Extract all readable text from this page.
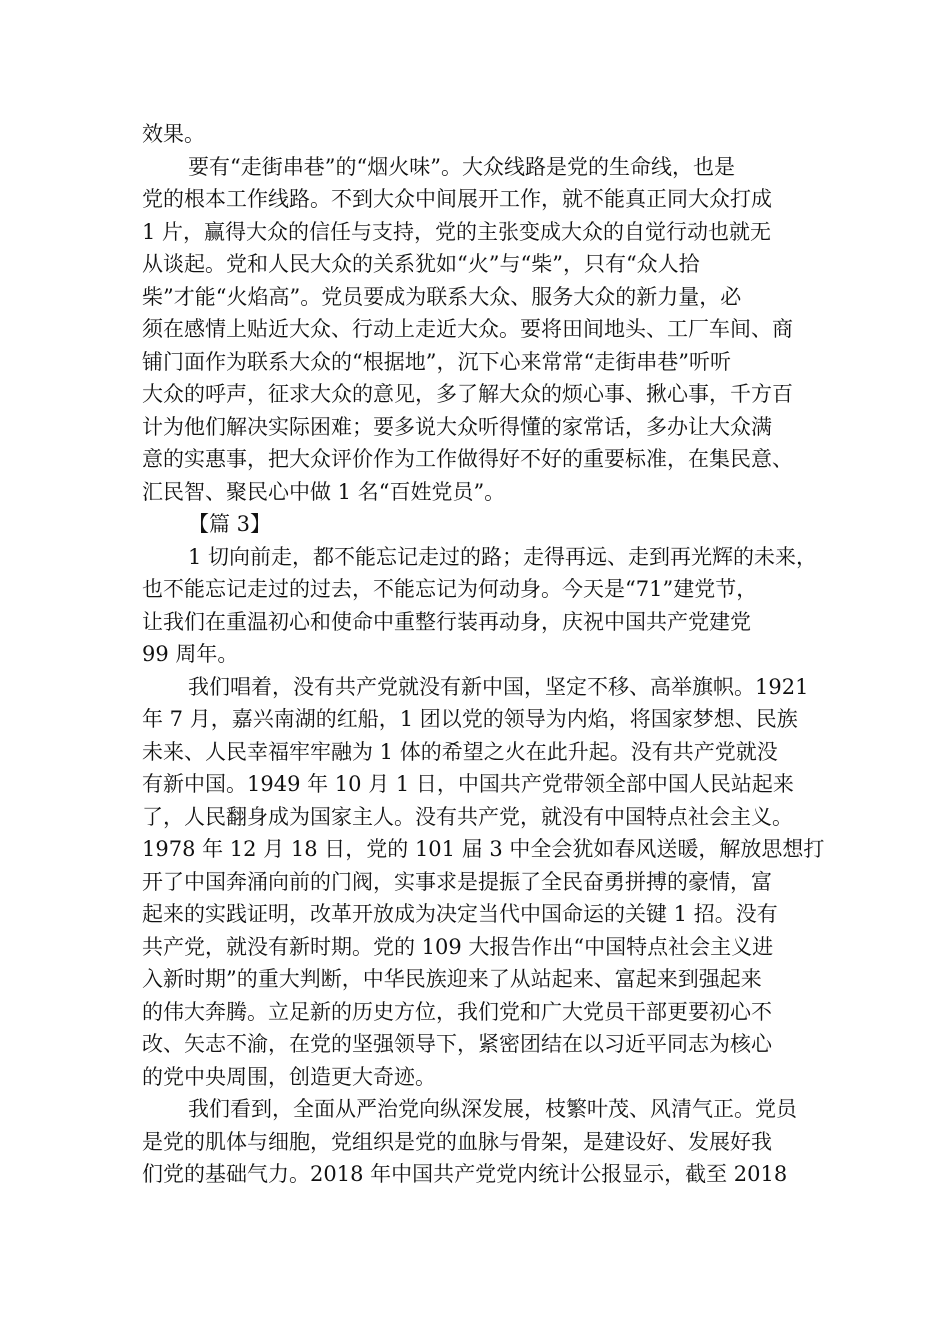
效果。
要有“走街串巷”的“烟火味”。大众线路是党的生命线，也是
党的根本工作线路。不到大众中间展开工作，就不能真正同大众打成
1 片，赢得大众的信任与支持，党的主张变成大众的自觉行动也就无
从谈起。党和人民大众的关系犹如“火”与“柴”，只有“众人拾
柴”才能“火焰高”。党员要成为联系大众、服务大众的新力量，必
须在感情上贴近大众、行动上走近大众。要将田间地头、工厂车间、商
铺门面作为联系大众的“根据地”，沉下心来常常“走街串巷”听听
大众的呼声，征求大众的意见，多了解大众的烦心事、揪心事，千方百
计为他们解决实际困难；要多说大众听得懂的家常话，多办让大众满
意的实惠事，把大众评价作为工作做得好不好的重要标准，在集民意、
汇民智、聚民心中做 1 名“百姓党员”。
【篇 3】
1 切向前走，都不能忘记走过的路；走得再远、走到再光辉的未来，
也不能忘记走过的过去，不能忘记为何动身。今天是“71”建党节，
让我们在重温初心和使命中重整行装再动身，庆祝中国共产党建党
99 周年。
我们唱着，没有共产党就没有新中国，坚定不移、高举旗帜。1921
年 7 月，嘉兴南湖的红船，1 团以党的领导为内焰，将国家梦想、民族
未来、人民幸福牢牢融为 1 体的希望之火在此升起。没有共产党就没
有新中国。1949 年 10 月 1 日，中国共产党带领全部中国人民站起来
了，人民翻身成为国家主人。没有共产党，就没有中国特点社会主义。
1978 年 12 月 18 日，党的 101 届 3 中全会犹如春风送暖，解放思想打
开了中国奔涌向前的门阀，实事求是提振了全民奋勇拼搏的豪情，富
起来的实践证明，改革开放成为决定当代中国命运的关键 1 招。没有
共产党，就没有新时期。党的 109 大报告作出“中国特点社会主义进
入新时期”的重大判断，中华民族迎来了从站起来、富起来到强起来
的伟大奔腾。立足新的历史方位，我们党和广大党员干部更要初心不
改、矢志不渝，在党的坚强领导下，紧密团结在以习近平同志为核心
的党中央周围，创造更大奇迹。
我们看到，全面从严治党向纵深发展，枝繁叶茂、风清气正。党员
是党的肌体与细胞，党组织是党的血脉与骨架，是建设好、发展好我
们党的基础气力。2018 年中国共产党党内统计公报显示，截至 2018
